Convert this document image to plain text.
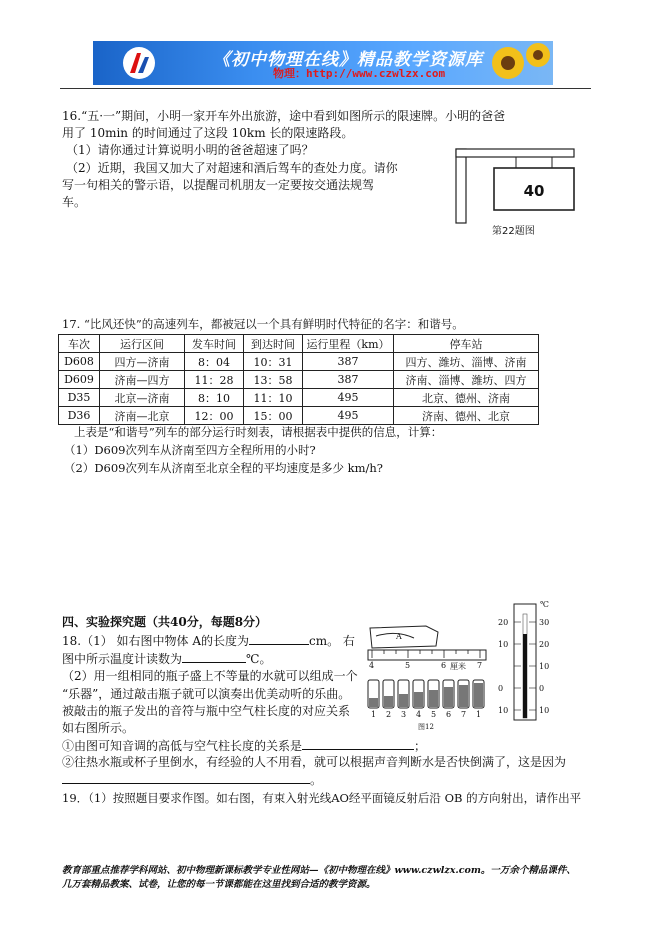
《初中物理在线》精品教学资源库
物理：http://www.czwlzx.com
16.“五·一”期间，小明一家开车外出旅游，途中看到如图所示的限速牌。小明的爸爸
用了 10min 的时间通过了这段 10km 长的限速路段。
（1）请你通过计算说明小明的爸爸超速了吗？
（2）近期，我国又加大了对超速和酒后驾车的查处力度。请你
写一句相关的警示语，以提醒司机朋友一定要按交通法规驾
车。
40
第22题图
17. “比风还快”的高速列车，都被冠以一个具有鲜明时代特征的名字：和谐号。
车次	运行区间	发车时间	到达时间	运行里程（km）	停车站
D608	四方—济南	8：04	10：31	387	四方、潍坊、淄博、济南
D609	济南—四方	11：28	13：58	387	济南、淄博、潍坊、四方
D35	北京—济南	8：10	11：10	495	北京、德州、济南
D36	济南—北京	12：00	15：00	495	济南、德州、北京
上表是“和谐号”列车的部分运行时刻表，请根据表中提供的信息，计算：
（1）D609次列车从济南至四方全程所用的小时?
（2）D609次列车从济南至北京全程的平均速度是多少 km/h?
四、实验探究题（共40分，每题8分）
18.（1） 如右图中物体 A的长度为	cm。 右
图中所示温度计读数为	℃。
（2）用一组相同的瓶子盛上不等量的水就可以组成一个
“乐器”，通过敲击瓶子就可以演奏出优美动听的乐曲。
被敲击的瓶子发出的音符与瓶中空气柱长度的对应关系
如右图所示。
①由图可知音调的高低与空气柱长度的关系是	；
②往热水瓶或杯子里倒水，有经验的人不用看，就可以根据声音判断水是否快倒满了，这是因为
。
19．（1）按照题目要求作图。如右图，有束入射光线AO经平面镜反射后沿 OB 的方向射出，请作出平
A
4	5	6 厘米 7
1 2 3 4 5 6 7 1
图12
℃
20
10
0
10
30
20
10
0
10
教育部重点推荐学科网站、初中物理新课标教学专业性网站—《初中物理在线》www.czwlzx.com。一万余个精品课件、
几万套精品教案、试卷，让您的每一节课都能在这里找到合适的教学资源。
